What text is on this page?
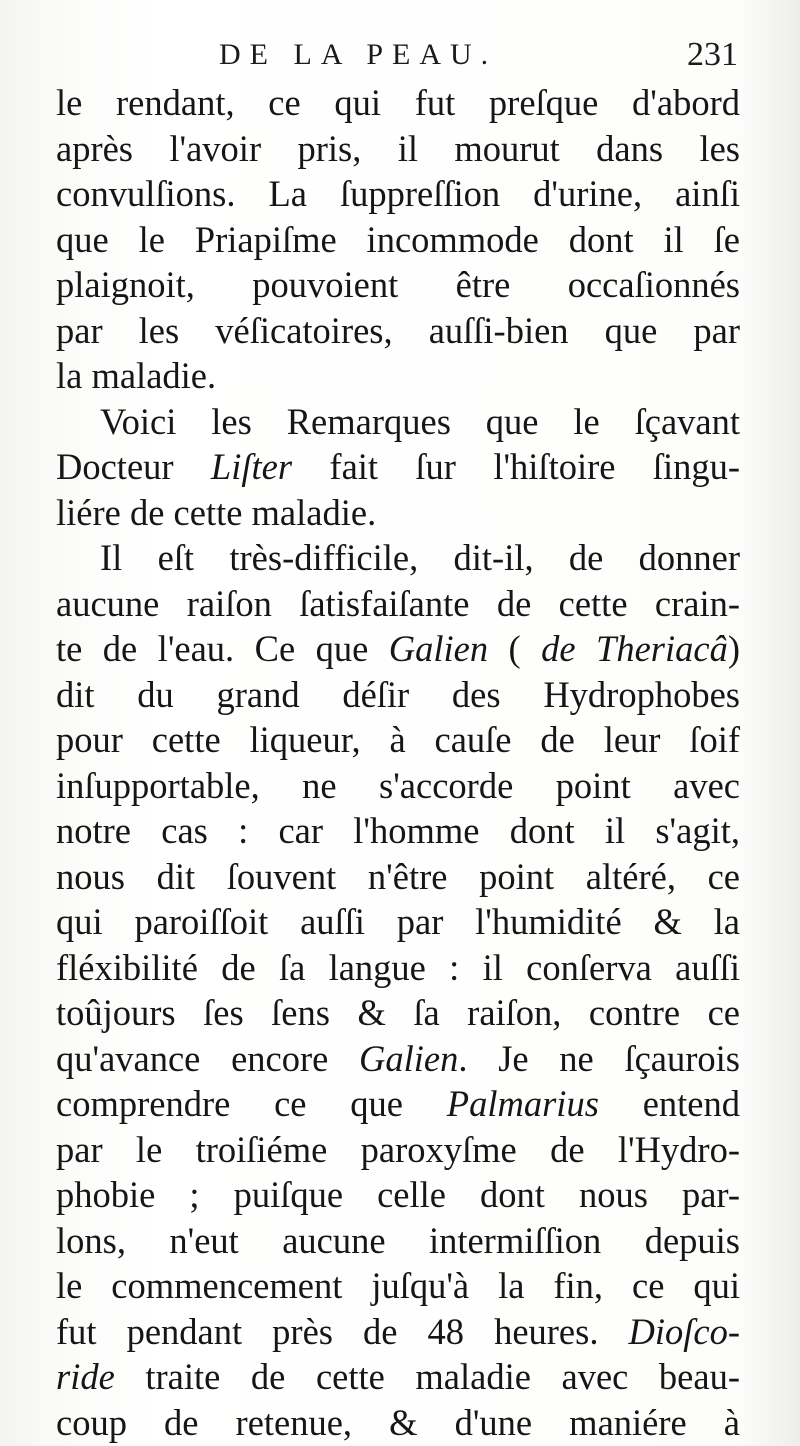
DE LA PEAU.	231
le rendant, ce qui fut preſque d'abord
après l'avoir pris, il mourut dans les
convulſions. La ſuppreſſion d'urine, ainſi
que le Priapiſme incommode dont il ſe
plaignoit, pouvoient être occaſionnés
par les véſicatoires, auſſi-bien que par
la maladie.
Voici les Remarques que le ſçavant
Docteur Liſter fait ſur l'hiſtoire ſingu-
liére de cette maladie.
Il eſt très-difficile, dit-il, de donner
aucune raiſon ſatisfaiſante de cette crain-
te de l'eau. Ce que Galien ( de Theriacâ)
dit du grand déſir des Hydrophobes
pour cette liqueur, à cauſe de leur ſoif
inſupportable, ne s'accorde point avec
notre cas : car l'homme dont il s'agit,
nous dit ſouvent n'être point altéré, ce
qui paroiſſoit auſſi par l'humidité & la
fléxibilité de ſa langue : il conſerva auſſi
toûjours ſes ſens & ſa raiſon, contre ce
qu'avance encore Galien. Je ne ſçaurois
comprendre ce que Palmarius entend
par le troiſiéme paroxyſme de l'Hydro-
phobie ; puiſque celle dont nous par-
lons, n'eut aucune intermiſſion depuis
le commencement juſqu'à la fin, ce qui
fut pendant près de 48 heures. Dioſco-
ride traite de cette maladie avec beau-
coup de retenue, & d'une maniére à
